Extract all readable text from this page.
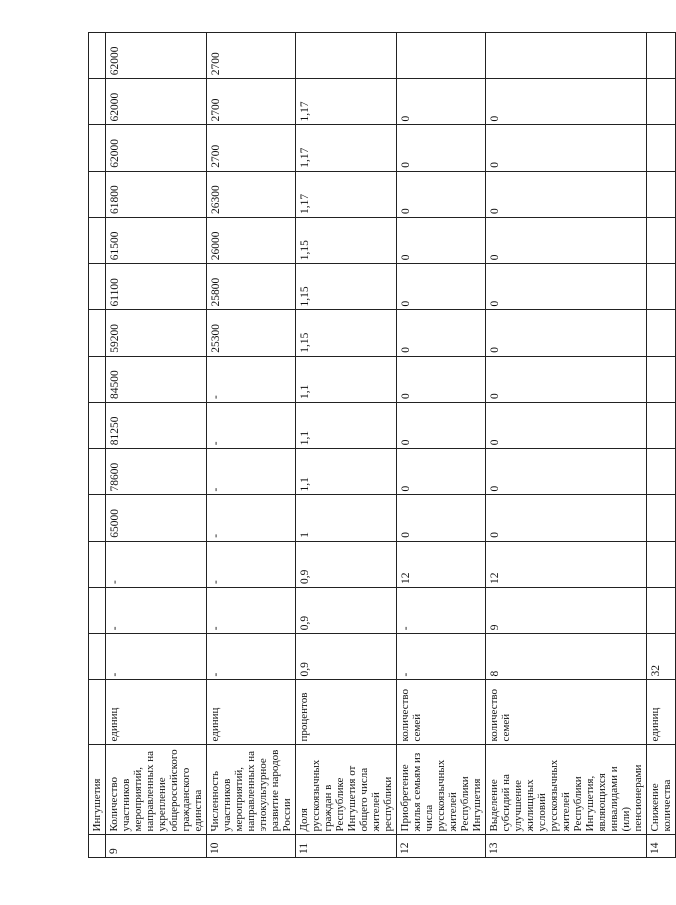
	Ингушетия															
9	Количество участников мероприятий, направленных на укрепление общероссийского гражданского единства	единиц	-	-	-	65000	78600	81250	84500	59200	61100	61500	61800	62000	62000	62000
10	Численность участников мероприятий, направленных на этнокультурное развитие народов России	единиц	-	-	-	-	-	-	-	25300	25800	26000	26300	2700	2700	2700
11	Доля русскоязычных граждан в Республике Ингушетия от общего числа жителей республики	процентов	0,9	0,9	0,9	1	1,1	1,1	1,1	1,15	1,15	1,15	1,17	1,17	1,17	
12	Приобретение жилья семьям из числа русскоязычных жителей Республики Ингушетия	количество семей	-	-	12	0	0	0	0	0	0	0	0	0	0	
13	Выделение субсидий на улучшение жилищных условий русскоязычных жителей Республики Ингушетия, являющихся инвалидами и (или) пенсионерами	количество семей	8	9	12	0	0	0	0	0	0	0	0	0	0	
14	Снижение количества	единиц	32													
